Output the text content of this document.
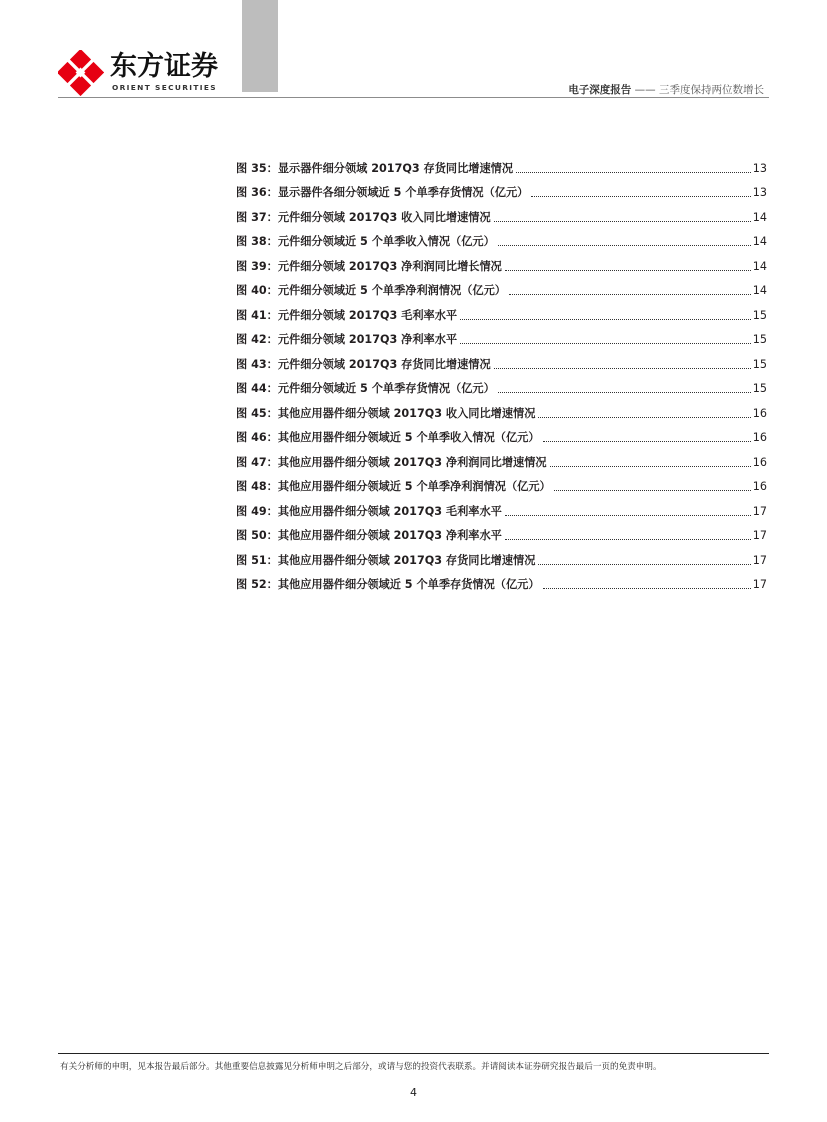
东方证券
ORIENT SECURITIES	电子深度报告 —— 三季度保持两位数增长
图 35：显示器件细分领域 2017Q3 存货同比增速情况	13
图 36：显示器件各细分领域近 5 个单季存货情况（亿元）	13
图 37：元件细分领域 2017Q3 收入同比增速情况	14
图 38：元件细分领域近 5 个单季收入情况（亿元）	14
图 39：元件细分领域 2017Q3 净利润同比增长情况	14
图 40：元件细分领域近 5 个单季净利润情况（亿元）	14
图 41：元件细分领域 2017Q3 毛利率水平	15
图 42：元件细分领域 2017Q3 净利率水平	15
图 43：元件细分领域 2017Q3 存货同比增速情况	15
图 44：元件细分领域近 5 个单季存货情况（亿元）	15
图 45：其他应用器件细分领域 2017Q3 收入同比增速情况	16
图 46：其他应用器件细分领域近 5 个单季收入情况（亿元）	16
图 47：其他应用器件细分领域 2017Q3 净利润同比增速情况	16
图 48：其他应用器件细分领域近 5 个单季净利润情况（亿元）	16
图 49：其他应用器件细分领域 2017Q3 毛利率水平	17
图 50：其他应用器件细分领域 2017Q3 净利率水平	17
图 51：其他应用器件细分领域 2017Q3 存货同比增速情况	17
图 52：其他应用器件细分领域近 5 个单季存货情况（亿元）	17
有关分析师的申明，见本报告最后部分。其他重要信息披露见分析师申明之后部分，或请与您的投资代表联系。并请阅读本证券研究报告最后一页的免责申明。
4
